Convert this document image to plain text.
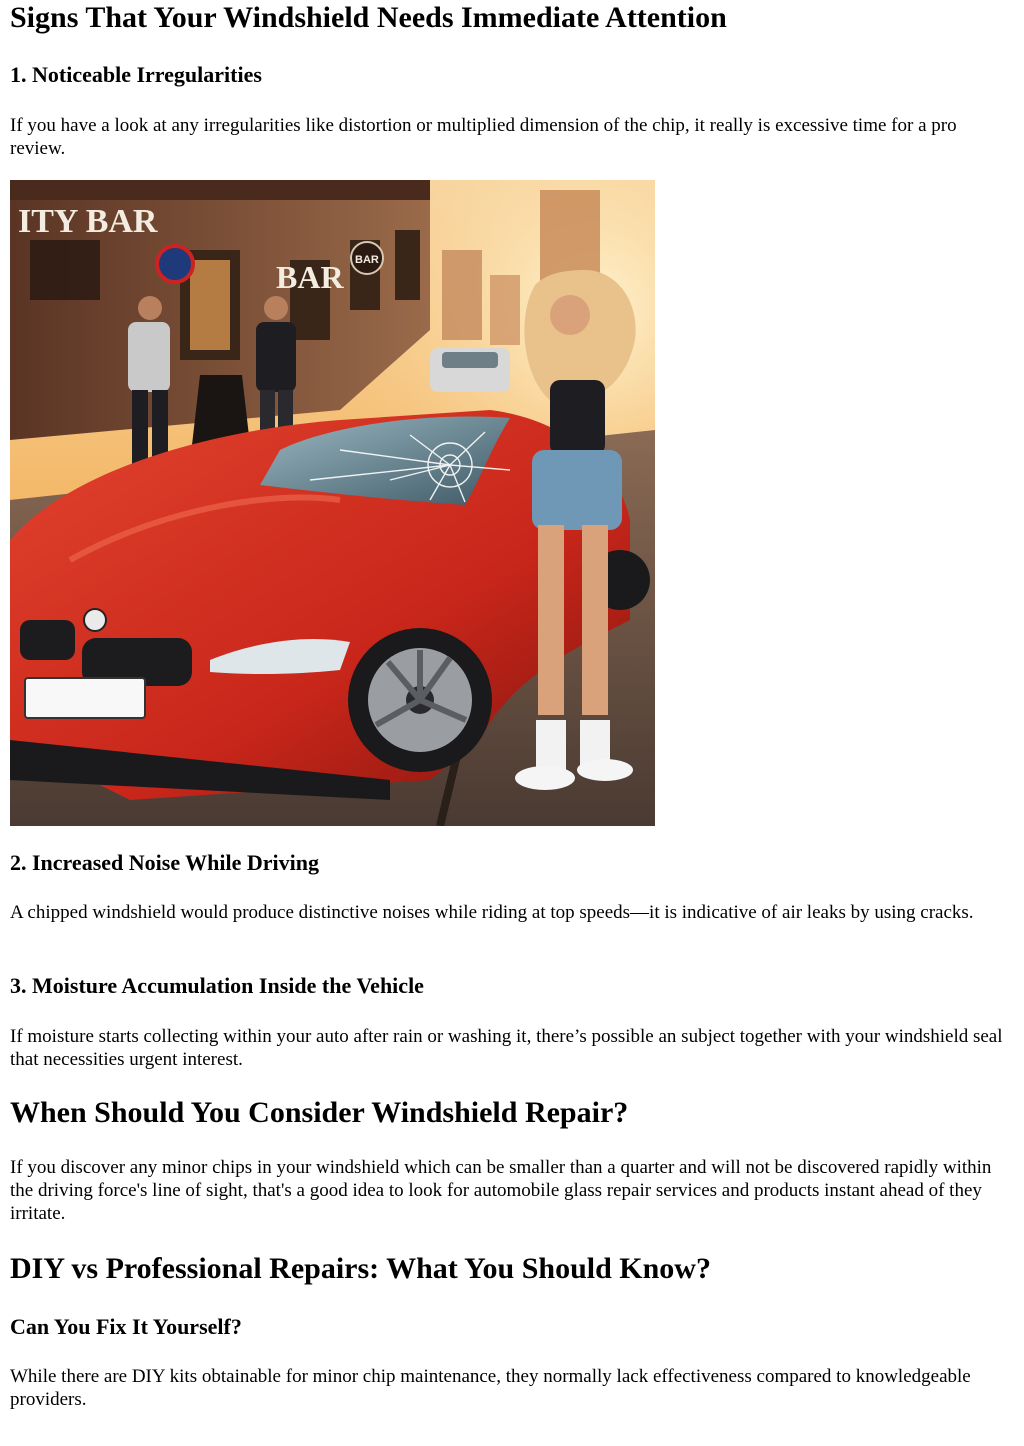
Signs That Your Windshield Needs Immediate Attention
1. Noticeable Irregularities

If you have a look at any irregularities like distortion or multiplied dimension of the chip, it really is excessive time for a pro review.

ITY BAR
BAR BAR
2. Increased Noise While Driving

A chipped windshield would produce distinctive noises while riding at top speeds—it is indicative of air leaks by using cracks.

3. Moisture Accumulation Inside the Vehicle

If moisture starts collecting within your auto after rain or washing it, there’s possible an subject together with your windshield seal that necessities urgent interest.

When Should You Consider Windshield Repair?

If you discover any minor chips in your windshield which can be smaller than a quarter and will not be discovered rapidly within the driving force's line of sight, that's a good idea to look for automobile glass repair services and products instant ahead of they irritate.

DIY vs Professional Repairs: What You Should Know?
Can You Fix It Yourself?

While there are DIY kits obtainable for minor chip maintenance, they normally lack effectiveness compared to knowledgeable providers.
